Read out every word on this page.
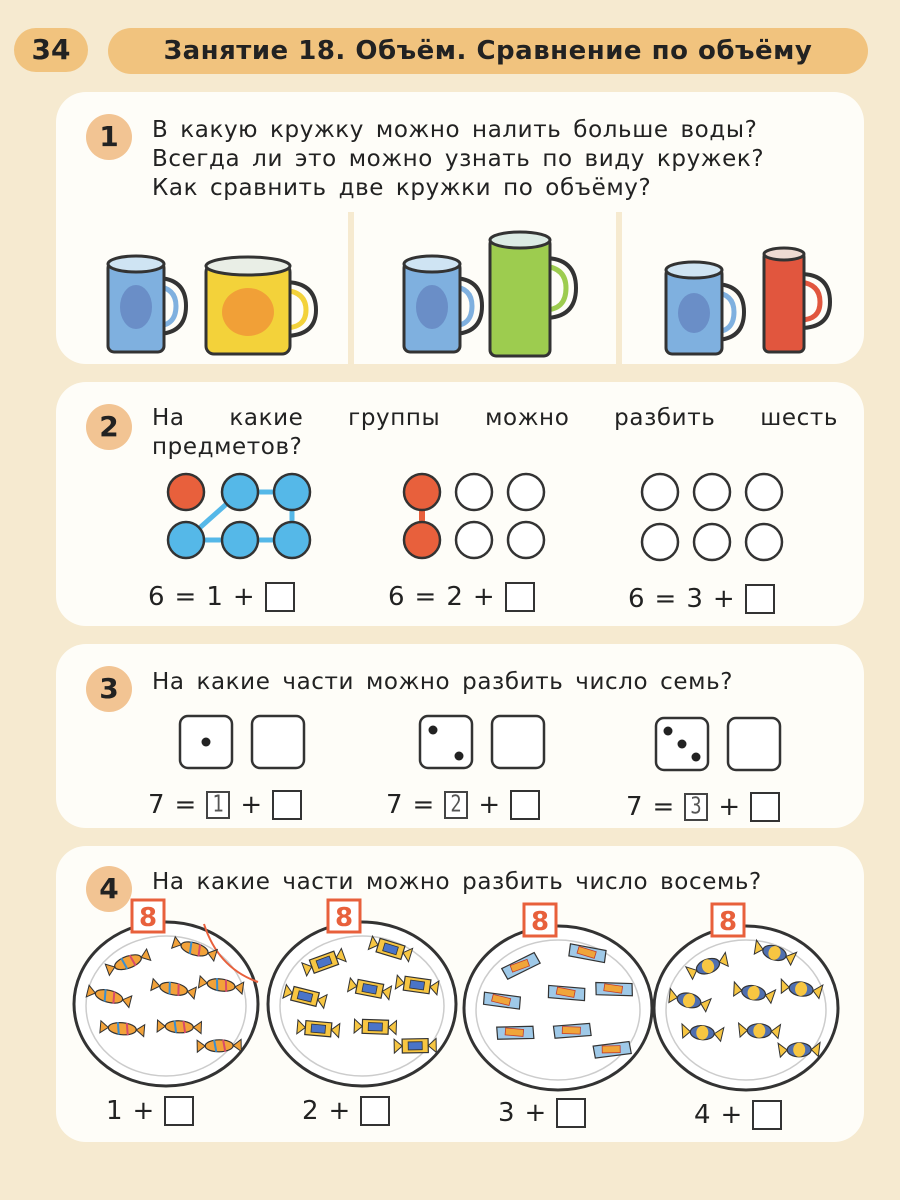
34	Занятие 18. Объём. Сравнение по объёму
1	В какую кружку можно налить больше воды?
Всегда ли это можно узнать по виду кружек?
Как сравнить две кружки по объёму?
2	На какие группы можно разбить шесть
предметов?
6 = 1 +	6 = 2 +	6 = 3 +
3	На какие части можно разбить число семь?
7 = 1 +	7 = 2 +	7 = 3 +
4	На какие части можно разбить число восемь?
8	8	8	8
1 +	2 +	3 +	4 +
